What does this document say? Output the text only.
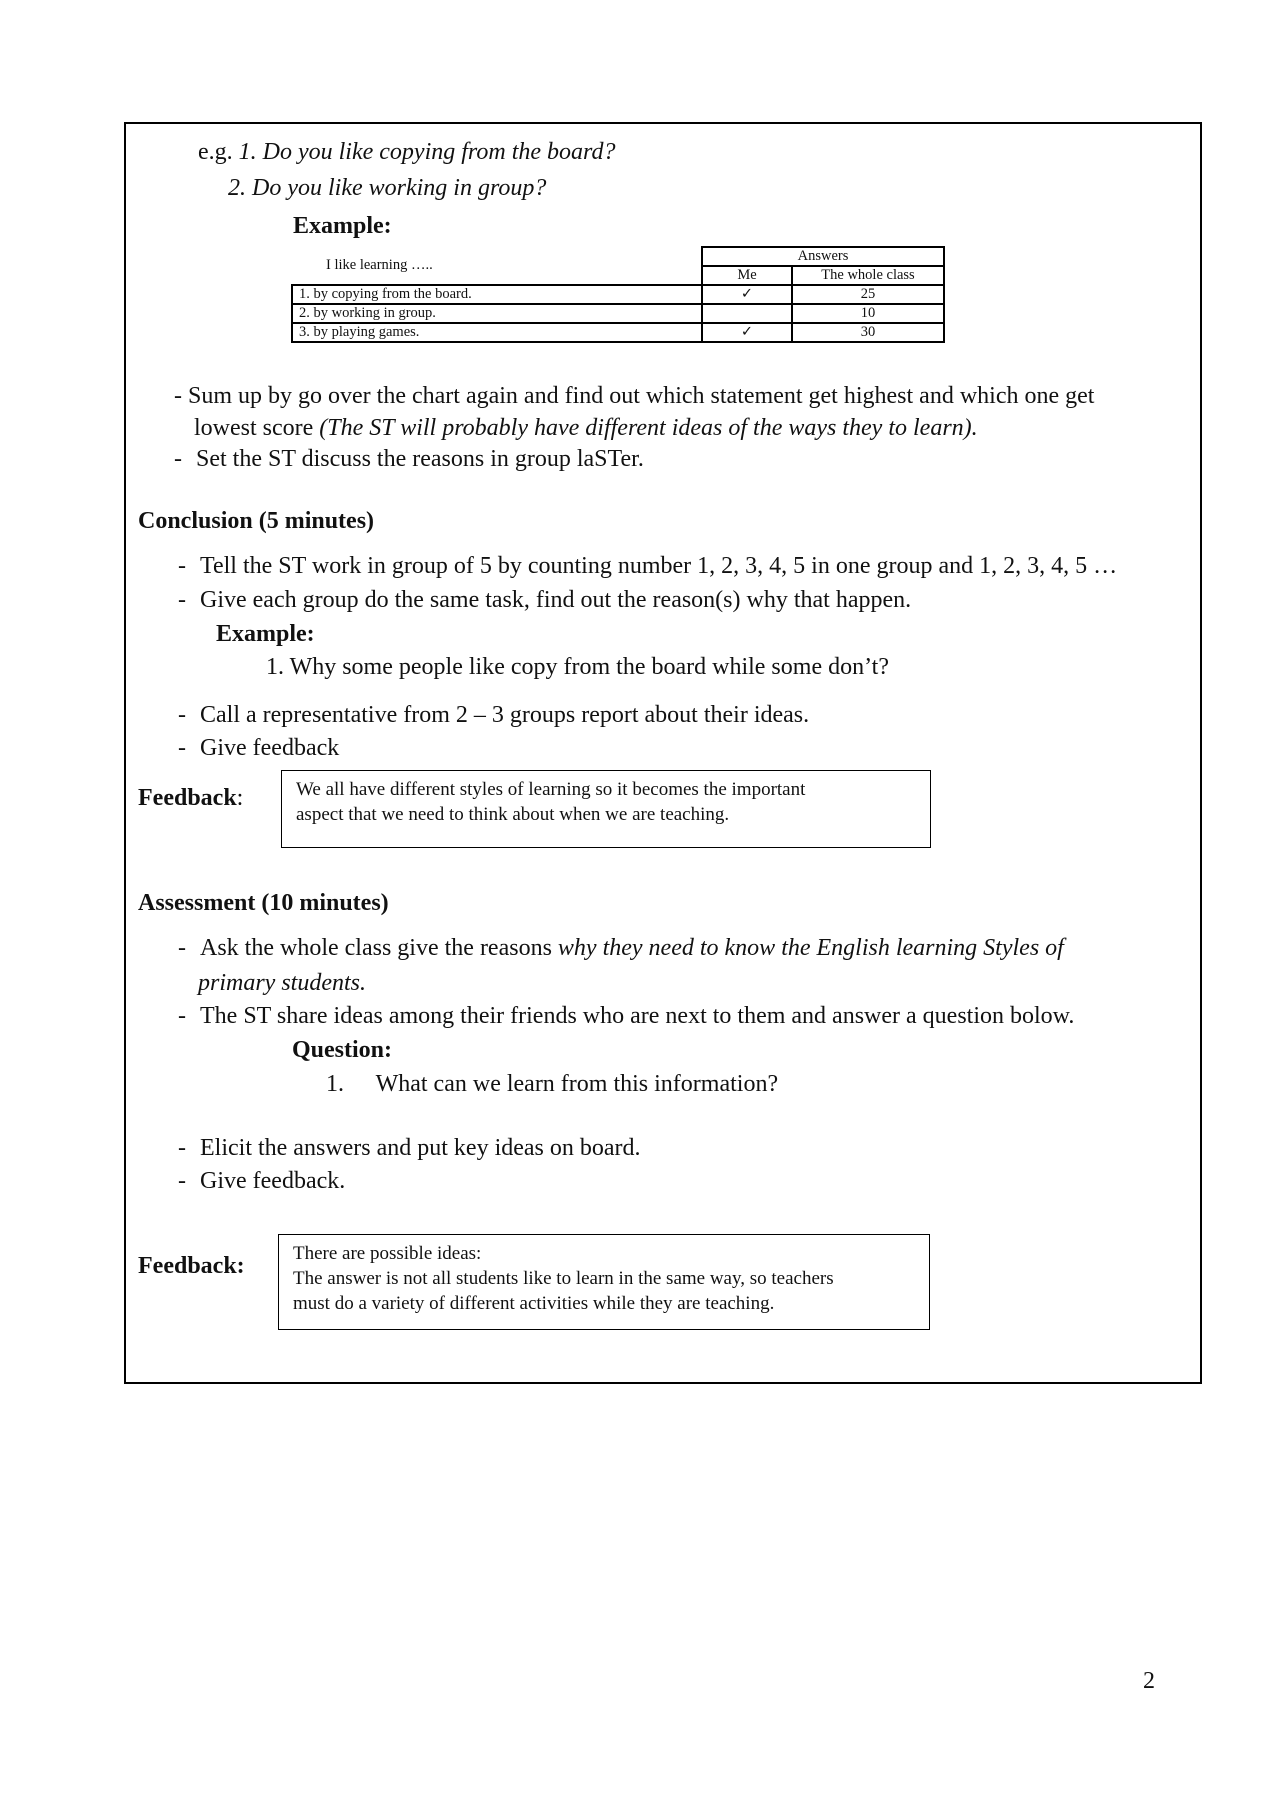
e.g. 1. Do you like copying from the board?
2. Do you like working in group?
Example:
	Answers	

I like learning …..	Me	The whole class
1. by copying from the board.	✓	25
2. by working in group.		10
3. by playing games.	✓	30
- Sum up by go over the chart again and find out which statement get highest and which one get
lowest score (The ST will probably have different ideas of the ways they to learn).
- Set the ST discuss the reasons in group laSTer.
Conclusion (5 minutes)
- Tell the ST work in group of 5 by counting number 1, 2, 3, 4, 5 in one group and 1, 2, 3, 4, 5 …
- Give each group do the same task, find out the reason(s) why that happen.
Example:
1. Why some people like copy from the board while some don’t?
- Call a representative from 2 – 3 groups report about their ideas.
- Give feedback
Feedback:	We all have different styles of learning so it becomes the important
aspect that we need to think about when we are teaching.
Assessment (10 minutes)
- Ask the whole class give the reasons why they need to know the English learning Styles of
primary students.
- The ST share ideas among their friends who are next to them and answer a question bolow.
Question:
1. What can we learn from this information?
- Elicit the answers and put key ideas on board.
- Give feedback.
Feedback:	There are possible ideas:
The answer is not all students like to learn in the same way, so teachers
must do a variety of different activities while they are teaching.
2
